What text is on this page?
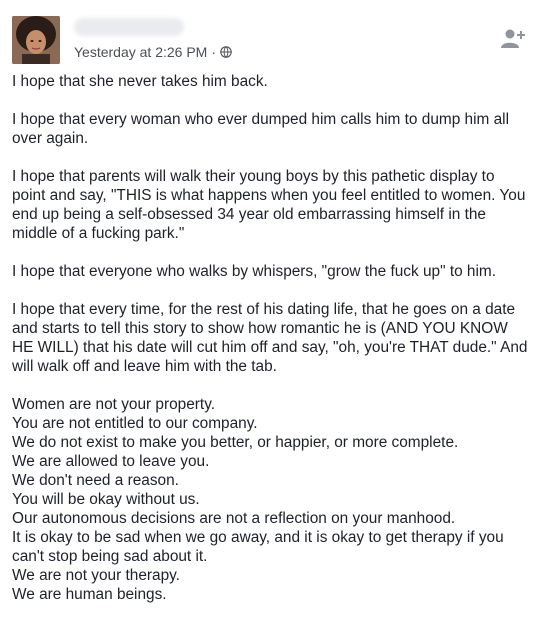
Yesterday at 2:26 PM ·
I hope that she never takes him back.
I hope that every woman who ever dumped him calls him to dump him all over again.
I hope that parents will walk their young boys by this pathetic display to point and say, "THIS is what happens when you feel entitled to women. You end up being a self-obsessed 34 year old embarrassing himself in the middle of a fucking park."
I hope that everyone who walks by whispers, "grow the fuck up" to him.
I hope that every time, for the rest of his dating life, that he goes on a date and starts to tell this story to show how romantic he is (AND YOU KNOW HE WILL) that his date will cut him off and say, "oh, you're THAT dude." And will walk off and leave him with the tab.
Women are not your property.
You are not entitled to our company.
We do not exist to make you better, or happier, or more complete.
We are allowed to leave you.
We don't need a reason.
You will be okay without us.
Our autonomous decisions are not a reflection on your manhood.
It is okay to be sad when we go away, and it is okay to get therapy if you can't stop being sad about it.
We are not your therapy.
We are human beings.
